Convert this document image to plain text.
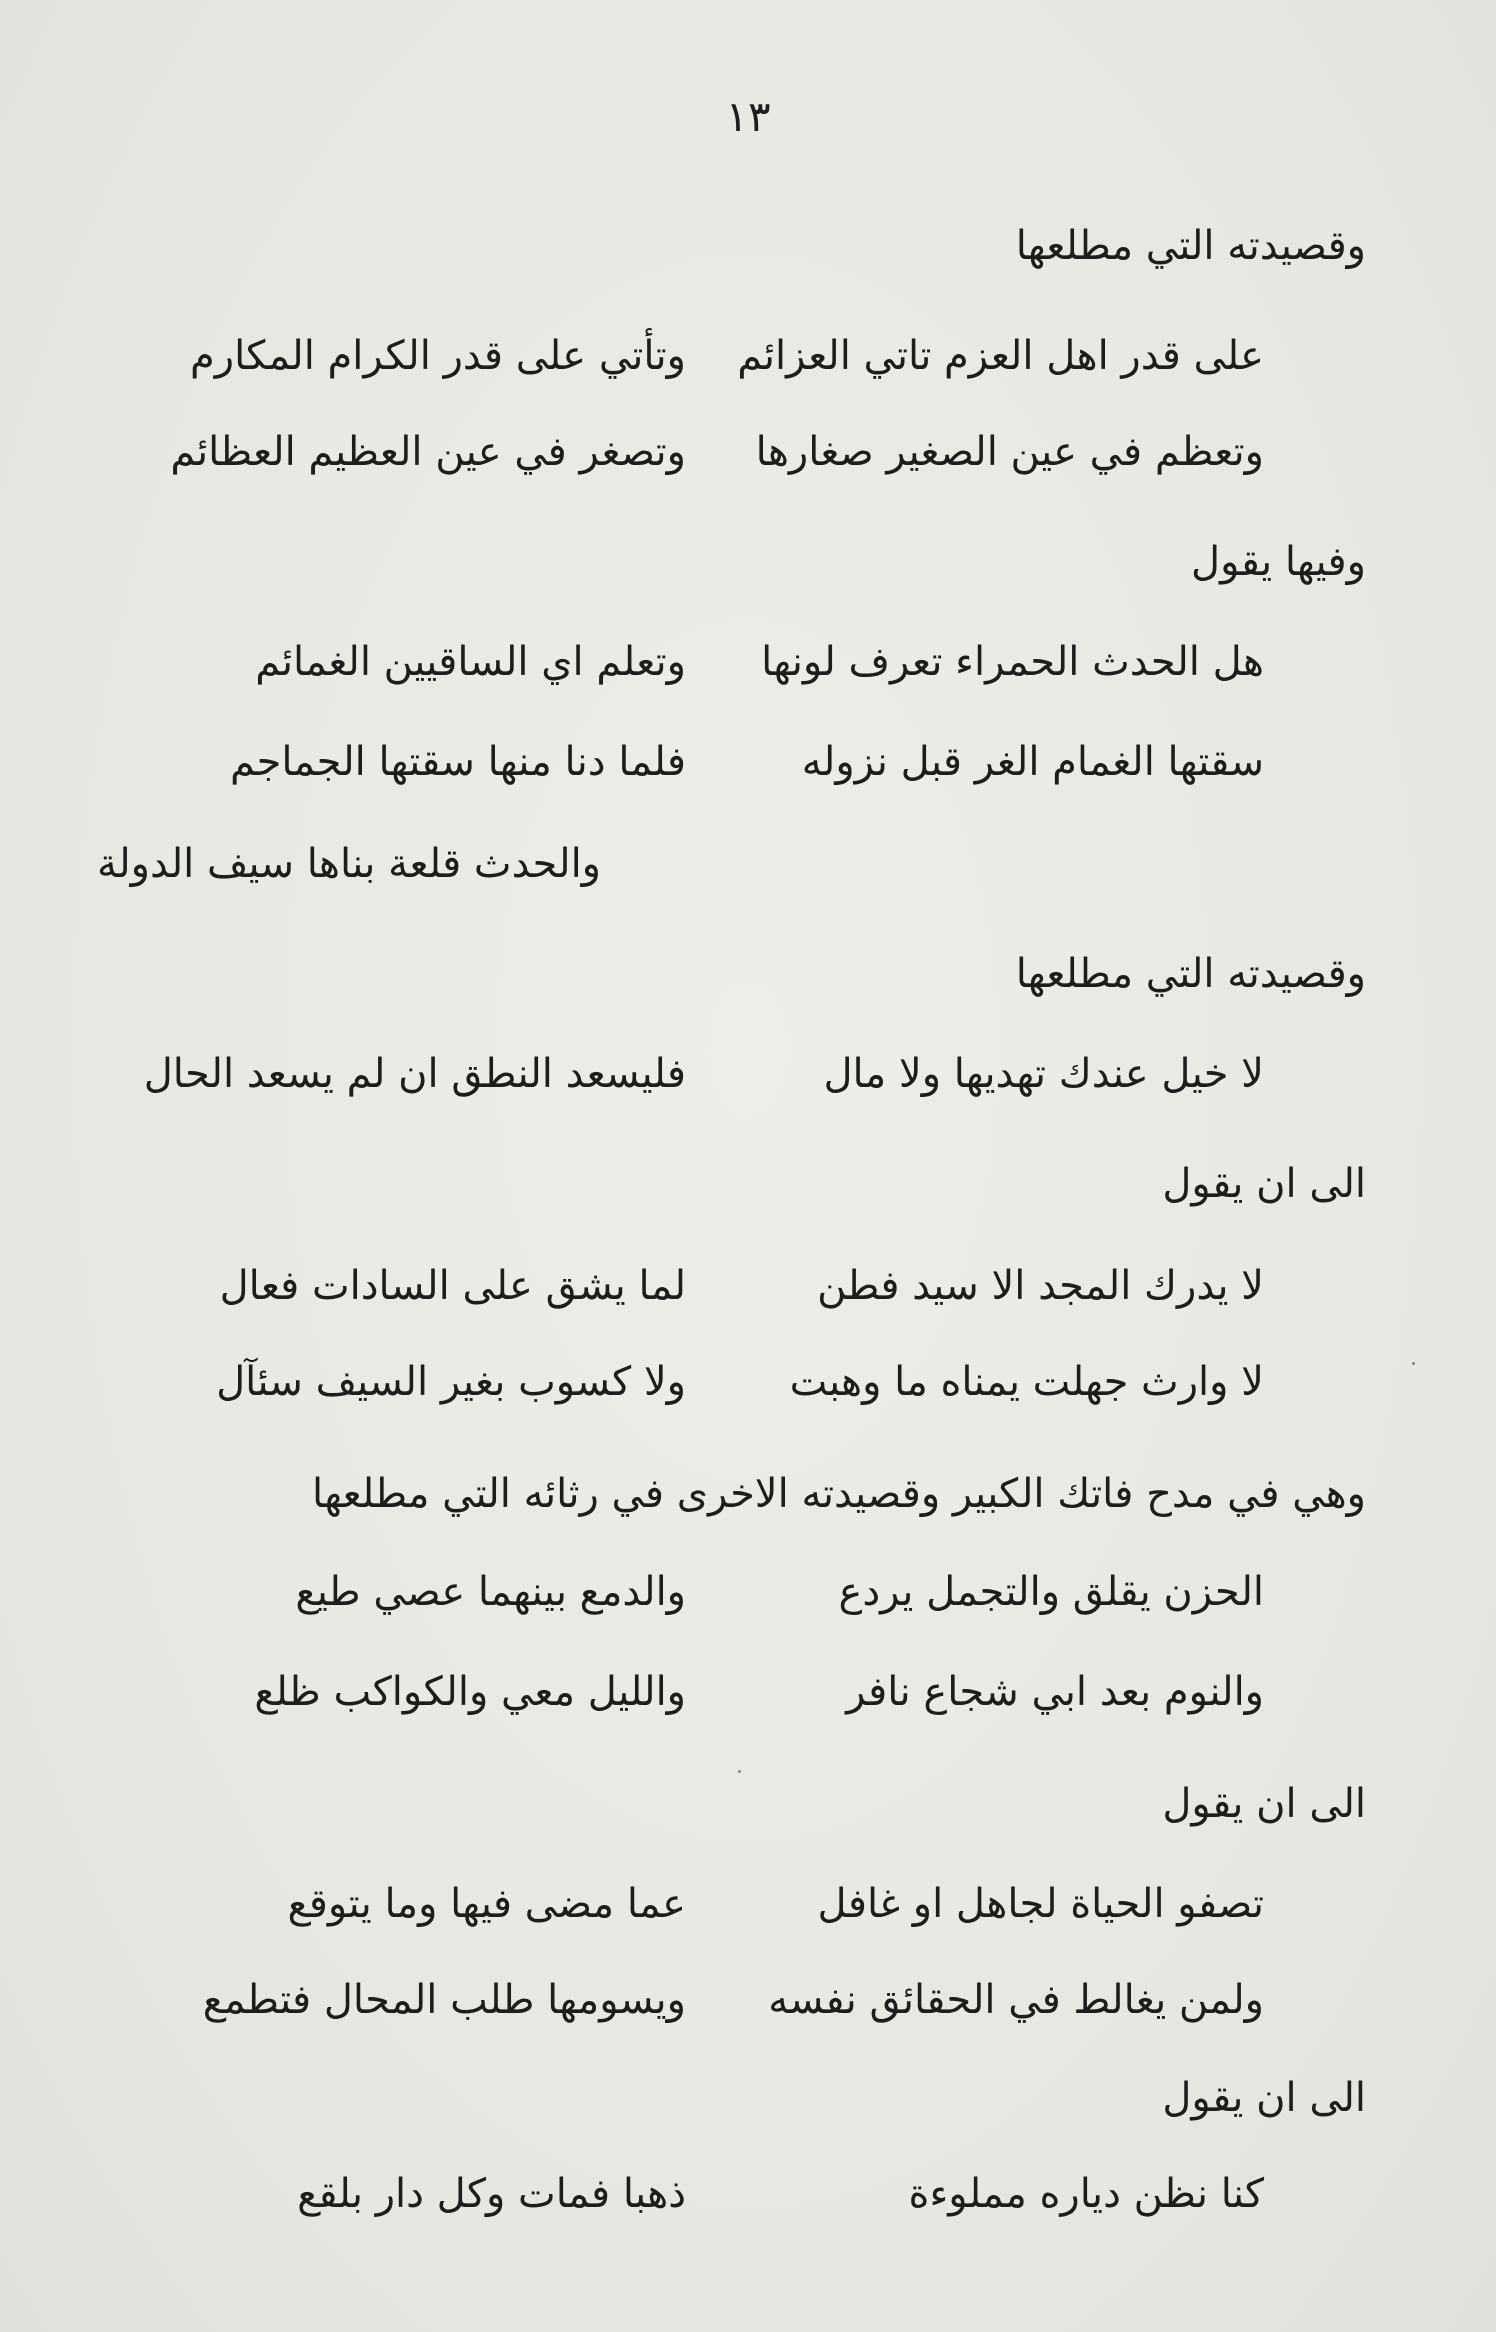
١٣
وقصيدته التي مطلعها
على قدر اهل العزم تاتي العزائم
وتأتي على قدر الكرام المكارم
وتعظم في عين الصغير صغارها
وتصغر في عين العظيم العظائم
وفيها يقول
هل الحدث الحمراء تعرف لونها
وتعلم اي الساقيين الغمائم
سقتها الغمام الغر قبل نزوله
فلما دنا منها سقتها الجماجم
والحدث قلعة بناها سيف الدولة
وقصيدته التي مطلعها
لا خيل عندك تهديها ولا مال
فليسعد النطق ان لم يسعد الحال
الى ان يقول
لا يدرك المجد الا سيد فطن
لما يشق على السادات فعال
لا وارث جهلت يمناه ما وهبت
ولا كسوب بغير السيف سئآل
وهي في مدح فاتك الكبير وقصيدته الاخرى في رثائه التي مطلعها
الحزن يقلق والتجمل يردع
والدمع بينهما عصي طيع
والنوم بعد ابي شجاع نافر
والليل معي والكواكب ظلع
الى ان يقول
تصفو الحياة لجاهل او غافل
عما مضى فيها وما يتوقع
ولمن يغالط في الحقائق نفسه
ويسومها طلب المحال فتطمع
الى ان يقول
كنا نظن دياره مملوءة
ذهبا فمات وكل دار بلقع
